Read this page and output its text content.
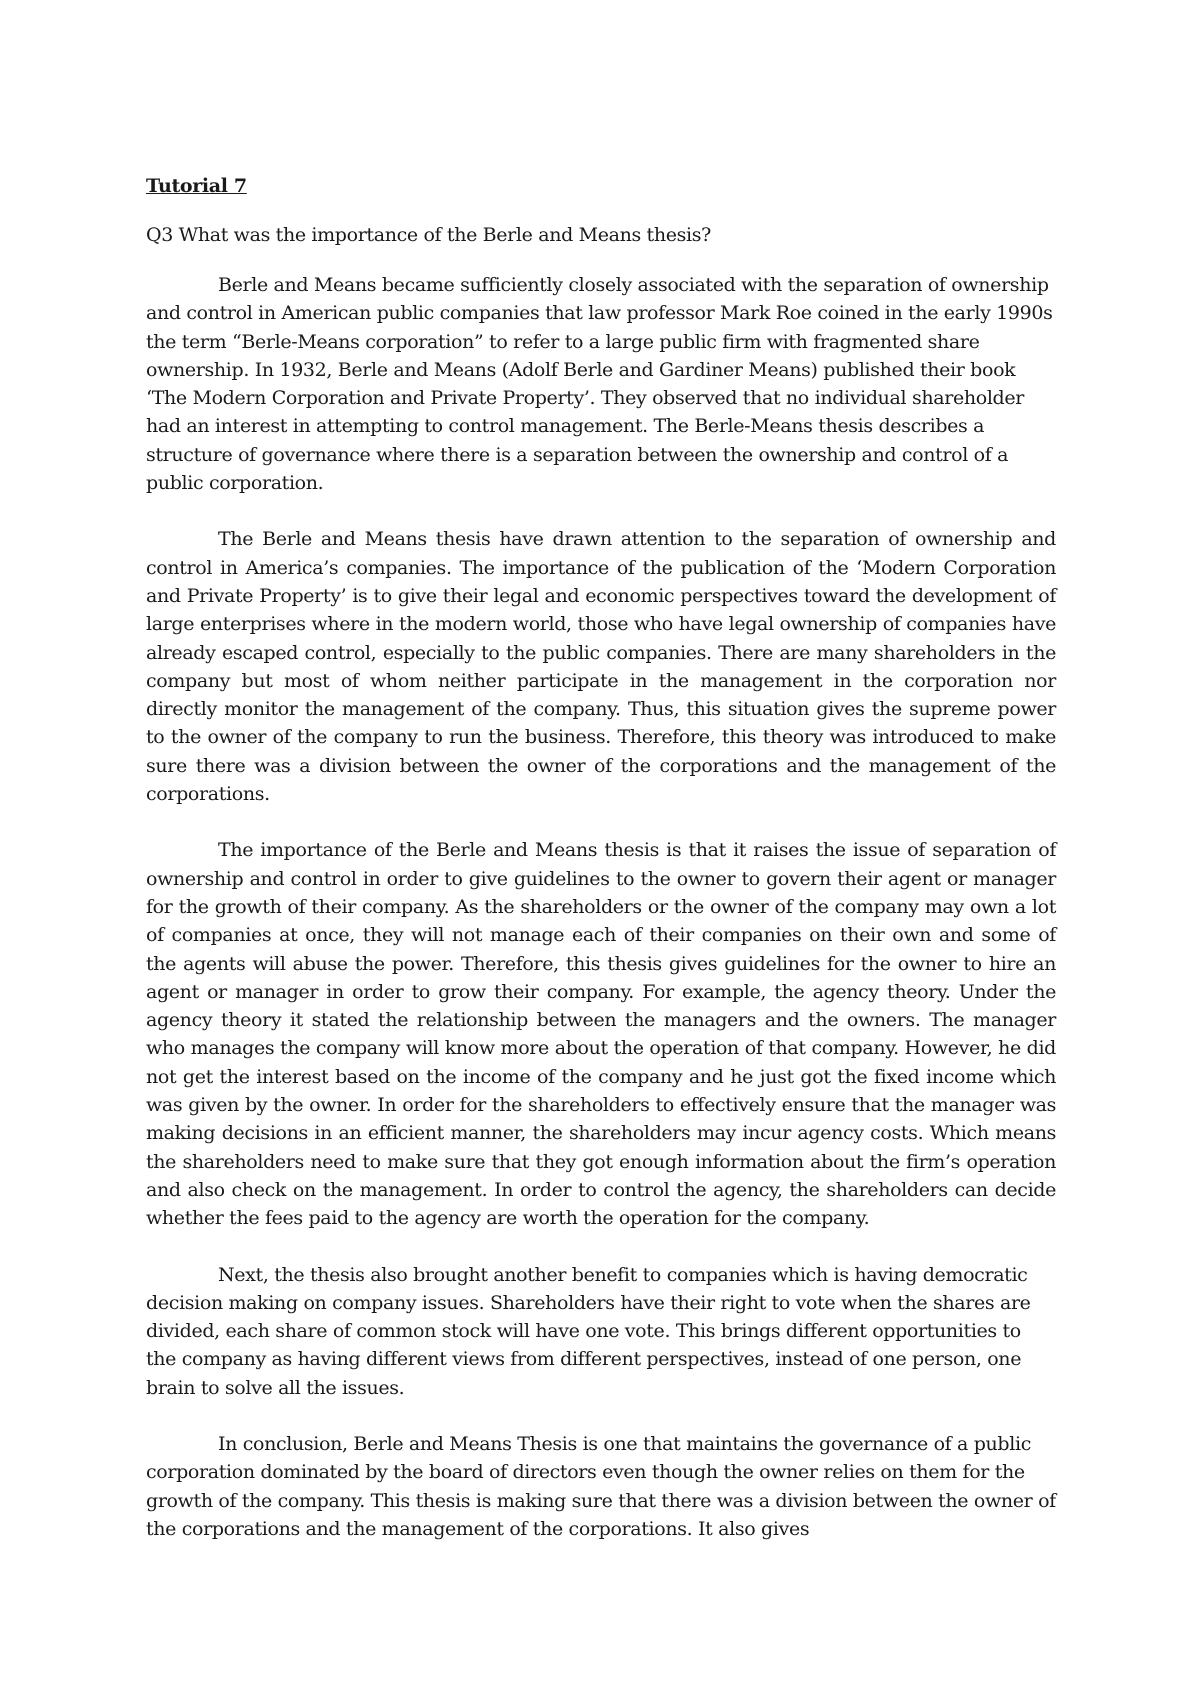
Tutorial 7
Q3 What was the importance of the Berle and Means thesis?

Berle and Means became sufficiently closely associated with the separation of ownership and control in American public companies that law professor Mark Roe coined in the early 1990s the term “Berle-Means corporation” to refer to a large public firm with fragmented share ownership. In 1932, Berle and Means (Adolf Berle and Gardiner Means) published their book ‘The Modern Corporation and Private Property’. They observed that no individual shareholder had an interest in attempting to control management. The Berle-Means thesis describes a structure of governance where there is a separation between the ownership and control of a public corporation.

The Berle and Means thesis have drawn attention to the separation of ownership and control in America’s companies. The importance of the publication of the ‘Modern Corporation and Private Property’ is to give their legal and economic perspectives toward the development of large enterprises where in the modern world, those who have legal ownership of companies have already escaped control, especially to the public companies. There are many shareholders in the company but most of whom neither participate in the management in the corporation nor directly monitor the management of the company. Thus, this situation gives the supreme power to the owner of the company to run the business. Therefore, this theory was introduced to make sure there was a division between the owner of the corporations and the management of the corporations.

The importance of the Berle and Means thesis is that it raises the issue of separation of ownership and control in order to give guidelines to the owner to govern their agent or manager for the growth of their company. As the shareholders or the owner of the company may own a lot of companies at once, they will not manage each of their companies on their own and some of the agents will abuse the power. Therefore, this thesis gives guidelines for the owner to hire an agent or manager in order to grow their company. For example, the agency theory. Under the agency theory it stated the relationship between the managers and the owners. The manager who manages the company will know more about the operation of that company. However, he did not get the interest based on the income of the company and he just got the fixed income which was given by the owner. In order for the shareholders to effectively ensure that the manager was making decisions in an efficient manner, the shareholders may incur agency costs. Which means the shareholders need to make sure that they got enough information about the firm’s operation and also check on the management. In order to control the agency, the shareholders can decide whether the fees paid to the agency are worth the operation for the company.

Next, the thesis also brought another benefit to companies which is having democratic decision making on company issues. Shareholders have their right to vote when the shares are divided, each share of common stock will have one vote. This brings different opportunities to the company as having different views from different perspectives, instead of one person, one brain to solve all the issues.

In conclusion, Berle and Means Thesis is one that maintains the governance of a public corporation dominated by the board of directors even though the owner relies on them for the growth of the company. This thesis is making sure that there was a division between the owner of the corporations and the management of the corporations. It also gives
